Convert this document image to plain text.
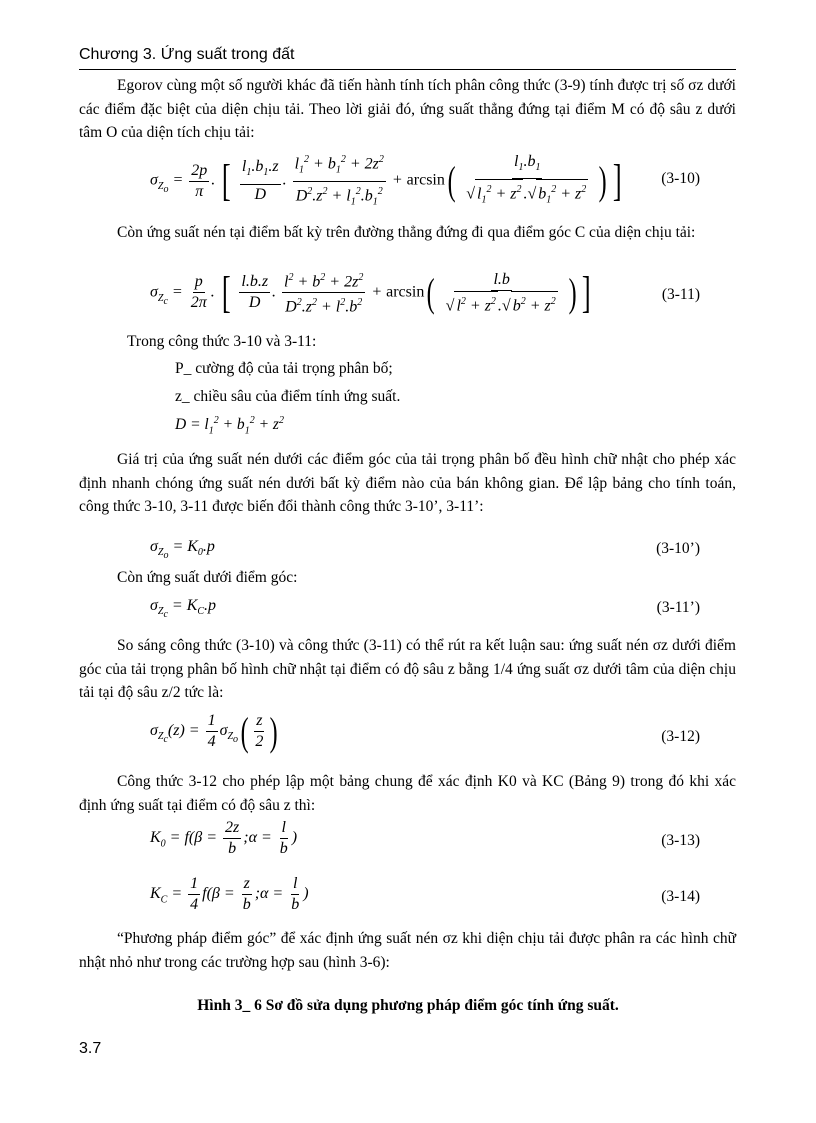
Chương 3. Ứng suất trong đất
Egorov cùng một số người khác đã tiến hành tính tích phân công thức (3-9) tính được trị số σz dưới các điểm đặc biệt của diện chịu tải. Theo lời giải đó, ứng suất thẳng đứng tại điểm M có độ sâu z dưới tâm O của diện tích chịu tải:
$\sigma_{Z_o} = \frac{2p}{\pi}$ . [ $\frac{l_1.b_1.z}{D}$ . $\frac{l_1^2 + b_1^2 + 2z^2}{D^2.z^2 + l_1^2.b_1^2} + \arcsin( \frac{l_1.b_1}{√ l_1^2 + z^2 .√ b_1^2 + z^2}$ ) ]	(3-10)
Còn ứng suất nén tại điểm bất kỳ trên đường thẳng đứng đi qua điểm góc C của diện chịu tải:
$\sigma_{Z_c} = \frac{p}{2\pi}$ . [ $\frac{l.b.z}{D}$ . $\frac{l^2 + b^2 + 2z^2}{D^2.z^2 + l^2.b^2} + \arcsin( \frac{l.b}{√ l^2 + z^2 .√ b^2 + z^2}$ ) ]	(3-11)
Trong công thức 3-10 và 3-11:
P_ cường độ của tải trọng phân bố;
z_ chiều sâu của điểm tính ứng suất.
$D = l_1^2 + b_1^2 + z^2$
Giá trị của ứng suất nén dưới các điểm góc của tải trọng phân bố đều hình chữ nhật cho phép xác định nhanh chóng ứng suất nén dưới bất kỳ điểm nào của bán không gian. Để lập bảng cho tính toán, công thức 3-10, 3-11 được biến đổi thành công thức 3-10’, 3-11’:
$\sigma_{Z_o} = K_0.p$	(3-10’)
Còn ứng suất dưới điểm góc:
$\sigma_{Z_c} = K_C.p$	(3-11’)
So sáng công thức (3-10) và công thức (3-11) có thể rút ra kết luận sau: ứng suất nén σz dưới điểm góc của tải trọng phân bố hình chữ nhật tại điểm có độ sâu z bằng 1/4 ứng suất σz dưới tâm của diện chịu tải tại độ sâu z/2 tức là:
$\sigma_{Z_c}(z) = \frac{1}{4} \sigma_{Z_o}( \frac{z}{2}$ )	(3-12)
Công thức 3-12 cho phép lập một bảng chung để xác định K0 và KC (Bảng 9) trong đó khi xác định ứng suất tại điểm có độ sâu z thì:
$K_0 = f(\beta = \frac{2z}{b}$ ;α = $\frac{l}{b}$ )	(3-13)
$K_C = \frac{1}{4} f(\beta = \frac{z}{b}$ ;α = $\frac{l}{b}$ )	(3-14)
“Phương pháp điểm góc” để xác định ứng suất nén σz khi diện chịu tải được phân ra các hình chữ nhật nhỏ như trong các trường hợp sau (hình 3-6):
Hình 3_ 6 Sơ đồ sửa dụng phương pháp điểm góc tính ứng suất.
3.7
